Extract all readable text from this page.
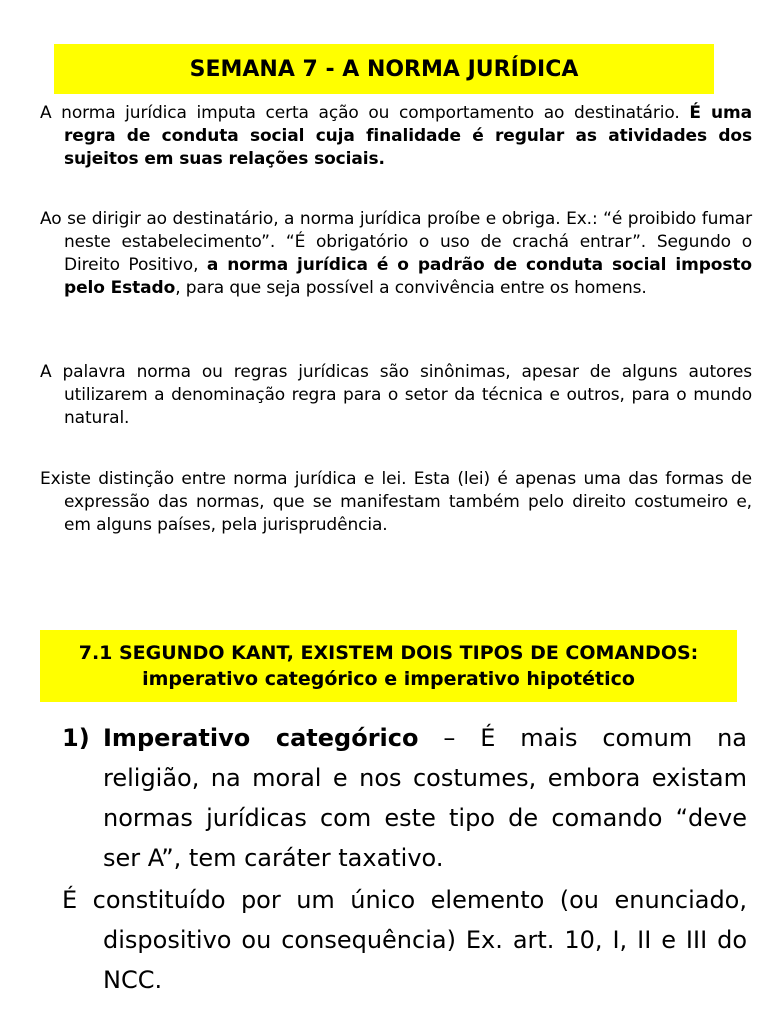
SEMANA 7 - A NORMA JURÍDICA

A norma jurídica imputa certa ação ou comportamento ao destinatário. É uma regra de conduta social cuja finalidade é regular as atividades dos sujeitos em suas relações sociais.

Ao se dirigir ao destinatário, a norma jurídica proíbe e obriga. Ex.: “é proibido fumar neste estabelecimento”. “É obrigatório o uso de crachá entrar”. Segundo o Direito Positivo, a norma jurídica é o padrão de conduta social imposto pelo Estado, para que seja possível a convivência entre os homens.

A palavra norma ou regras jurídicas são sinônimas, apesar de alguns autores utilizarem a denominação regra para o setor da técnica e outros, para o mundo natural.

Existe distinção entre norma jurídica e lei. Esta (lei) é apenas uma das formas de expressão das normas, que se manifestam também pelo direito costumeiro e, em alguns países, pela jurisprudência.

7.1 SEGUNDO KANT, EXISTEM DOIS TIPOS DE COMANDOS:
imperativo categórico e imperativo hipotético
1) Imperativo categórico – É mais comum na religião, na moral e nos costumes, embora existam normas jurídicas com este tipo de comando “deve ser A”, tem caráter taxativo.
É constituído por um único elemento (ou enunciado, dispositivo ou consequência) Ex. art. 10, I, II e III do NCC.
